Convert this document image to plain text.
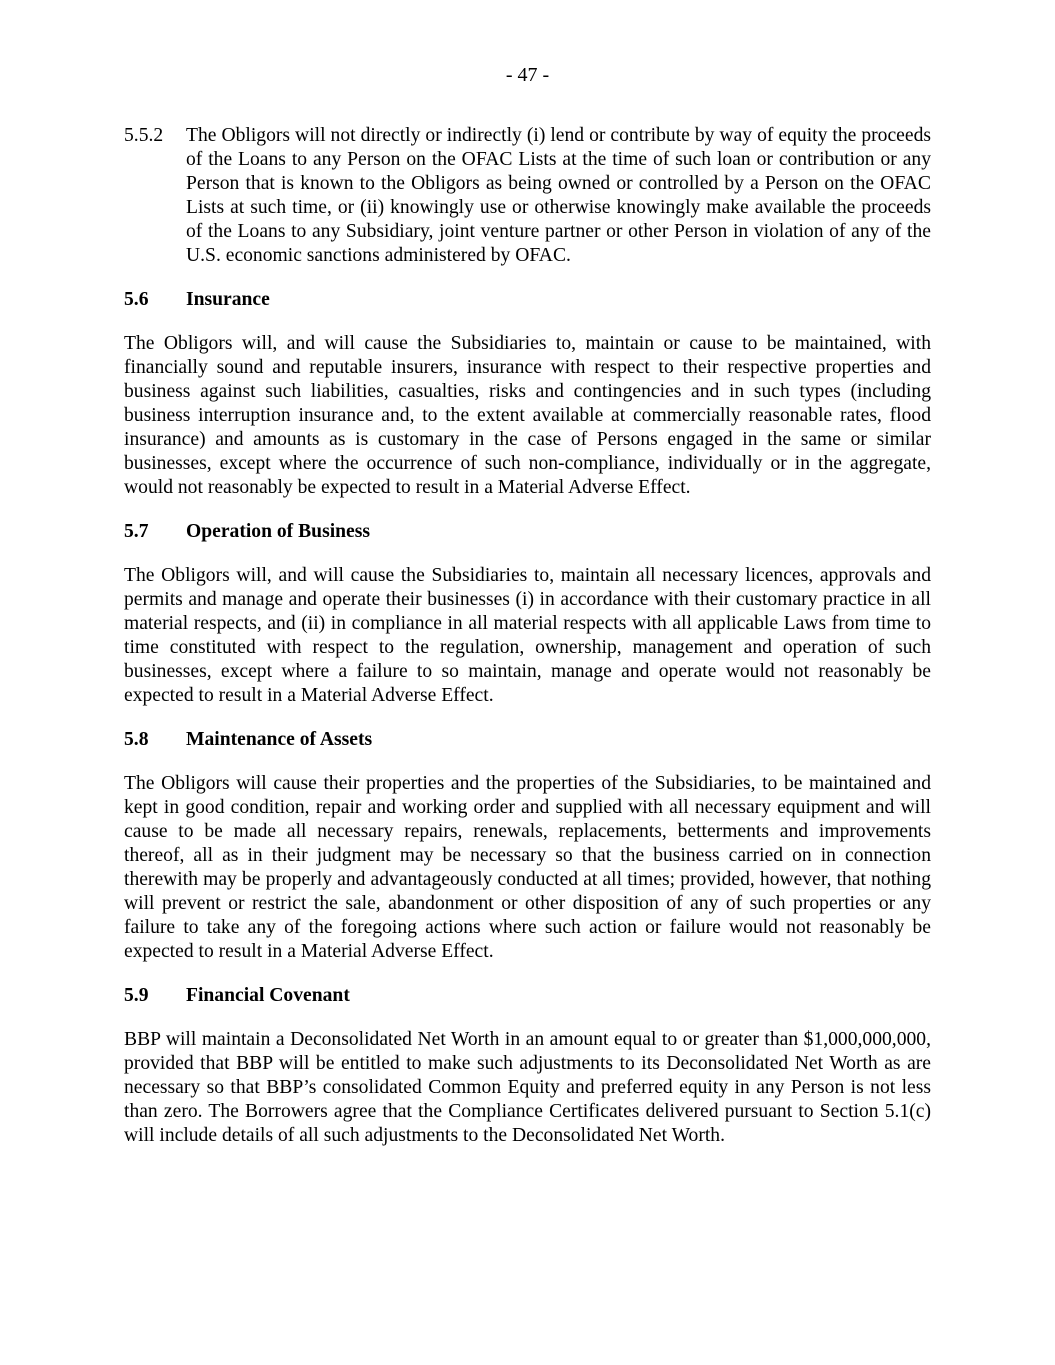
- 47 -
5.5.2 The Obligors will not directly or indirectly (i) lend or contribute by way of equity the proceeds of the Loans to any Person on the OFAC Lists at the time of such loan or contribution or any Person that is known to the Obligors as being owned or controlled by a Person on the OFAC Lists at such time, or (ii) knowingly use or otherwise knowingly make available the proceeds of the Loans to any Subsidiary, joint venture partner or other Person in violation of any of the U.S. economic sanctions administered by OFAC.
5.6 Insurance
The Obligors will, and will cause the Subsidiaries to, maintain or cause to be maintained, with financially sound and reputable insurers, insurance with respect to their respective properties and business against such liabilities, casualties, risks and contingencies and in such types (including business interruption insurance and, to the extent available at commercially reasonable rates, flood insurance) and amounts as is customary in the case of Persons engaged in the same or similar businesses, except where the occurrence of such non-compliance, individually or in the aggregate, would not reasonably be expected to result in a Material Adverse Effect.
5.7 Operation of Business
The Obligors will, and will cause the Subsidiaries to, maintain all necessary licences, approvals and permits and manage and operate their businesses (i) in accordance with their customary practice in all material respects, and (ii) in compliance in all material respects with all applicable Laws from time to time constituted with respect to the regulation, ownership, management and operation of such businesses, except where a failure to so maintain, manage and operate would not reasonably be expected to result in a Material Adverse Effect.
5.8 Maintenance of Assets
The Obligors will cause their properties and the properties of the Subsidiaries, to be maintained and kept in good condition, repair and working order and supplied with all necessary equipment and will cause to be made all necessary repairs, renewals, replacements, betterments and improvements thereof, all as in their judgment may be necessary so that the business carried on in connection therewith may be properly and advantageously conducted at all times; provided, however, that nothing will prevent or restrict the sale, abandonment or other disposition of any of such properties or any failure to take any of the foregoing actions where such action or failure would not reasonably be expected to result in a Material Adverse Effect.
5.9 Financial Covenant
BBP will maintain a Deconsolidated Net Worth in an amount equal to or greater than $1,000,000,000, provided that BBP will be entitled to make such adjustments to its Deconsolidated Net Worth as are necessary so that BBP’s consolidated Common Equity and preferred equity in any Person is not less than zero. The Borrowers agree that the Compliance Certificates delivered pursuant to Section 5.1(c) will include details of all such adjustments to the Deconsolidated Net Worth.
